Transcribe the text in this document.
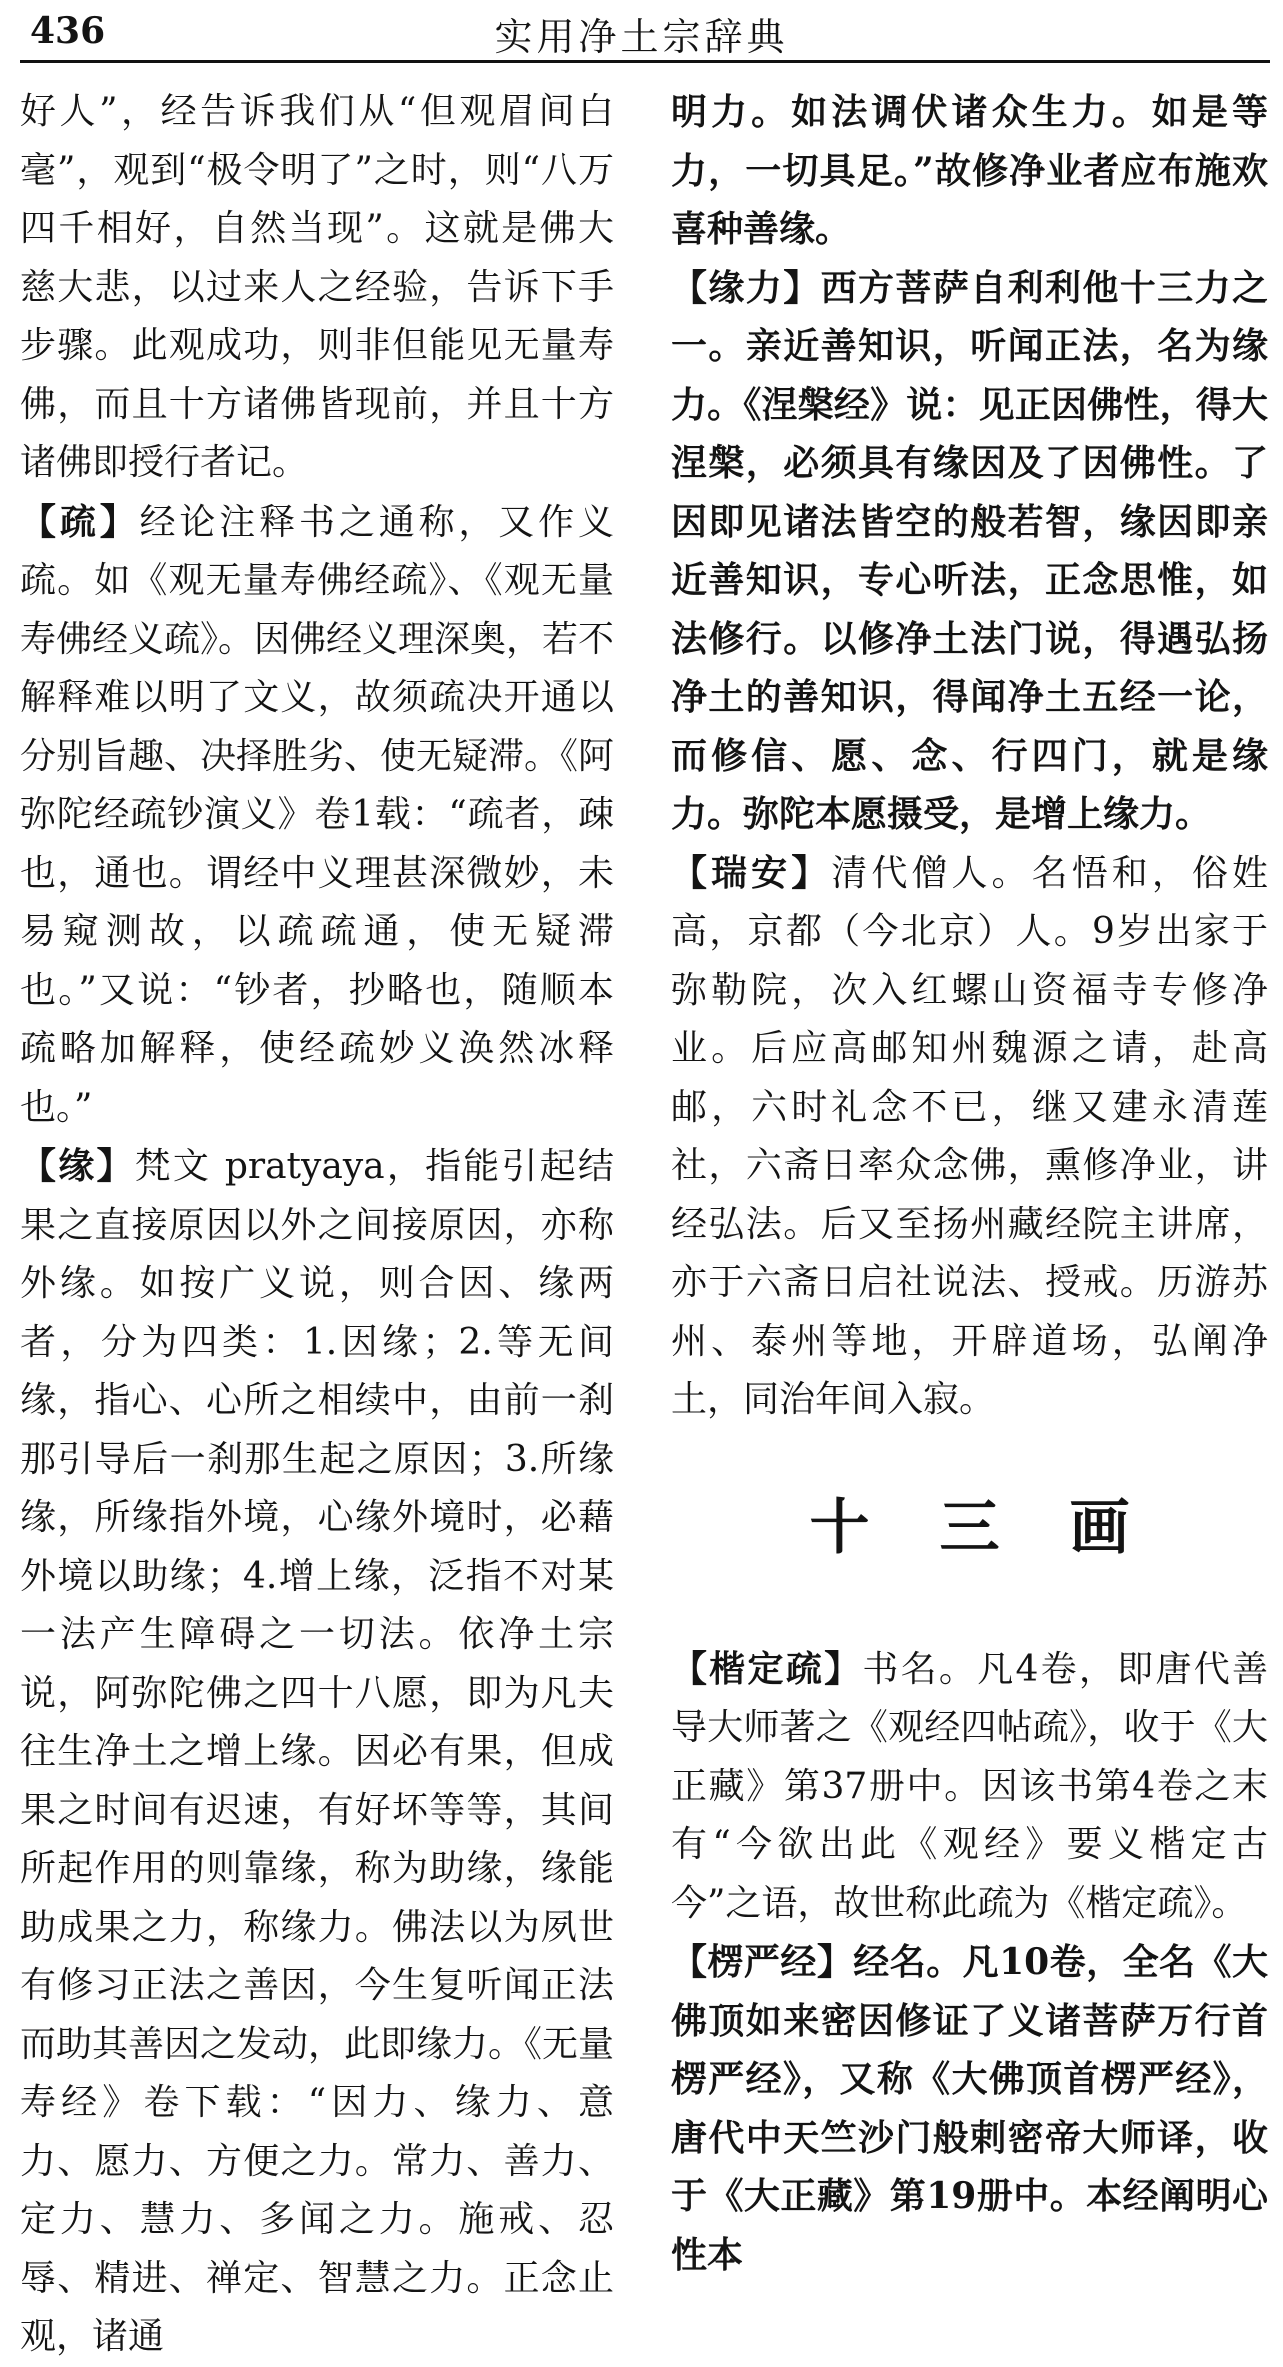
436	实用净土宗辞典

好人”，经告诉我们从“但观眉间白毫”，观到“极令明了”之时，则“八万四千相好，自然当现”。这就是佛大慈大悲，以过来人之经验，告诉下手步骤。此观成功，则非但能见无量寿佛，而且十方诸佛皆现前，并且十方诸佛即授行者记。

【疏】经论注释书之通称，又作义疏。如《观无量寿佛经疏》、《观无量寿佛经义疏》。因佛经义理深奥，若不解释难以明了文义，故须疏决开通以分别旨趣、决择胜劣、使无疑滞。《阿弥陀经疏钞演义》卷1载：“疏者，疎也，通也。谓经中义理甚深微妙，未易窥测故，以疏疏通，使无疑滞也。”又说：“钞者，抄略也，随顺本疏略加解释，使经疏妙义涣然冰释也。”

【缘】梵文 pratyaya，指能引起结果之直接原因以外之间接原因，亦称外缘。如按广义说，则合因、缘两者，分为四类：1.因缘；2.等无间缘，指心、心所之相续中，由前一刹那引导后一刹那生起之原因；3.所缘缘，所缘指外境，心缘外境时，必藉外境以助缘；4.增上缘，泛指不对某一法产生障碍之一切法。依净土宗说，阿弥陀佛之四十八愿，即为凡夫往生净土之增上缘。因必有果，但成果之时间有迟速，有好坏等等，其间所起作用的则靠缘，称为助缘，缘能助成果之力，称缘力。佛法以为夙世有修习正法之善因，今生复听闻正法而助其善因之发动，此即缘力。《无量寿经》卷下载：“因力、缘力、意力、愿力、方便之力。常力、善力、定力、慧力、多闻之力。施戒、忍辱、精进、禅定、智慧之力。正念止观，诸通

明力。如法调伏诸众生力。如是等力，一切具足。”故修净业者应布施欢喜种善缘。

【缘力】西方菩萨自利利他十三力之一。亲近善知识，听闻正法，名为缘力。《涅槃经》说：见正因佛性，得大涅槃，必须具有缘因及了因佛性。了因即见诸法皆空的般若智，缘因即亲近善知识，专心听法，正念思惟，如法修行。以修净土法门说，得遇弘扬净土的善知识，得闻净土五经一论，而修信、愿、念、行四门，就是缘力。弥陀本愿摄受，是增上缘力。

【瑞安】清代僧人。名悟和，俗姓高，京都（今北京）人。9岁出家于弥勒院，次入红螺山资福寺专修净业。后应高邮知州魏源之请，赴高邮，六时礼念不已，继又建永清莲社，六斋日率众念佛，熏修净业，讲经弘法。后又至扬州藏经院主讲席，亦于六斋日启社说法、授戒。历游苏州、泰州等地，开辟道场，弘阐净土，同治年间入寂。

十三画

【楷定疏】书名。凡4卷，即唐代善导大师著之《观经四帖疏》，收于《大正藏》第37册中。因该书第4卷之末有“今欲出此《观经》要义楷定古今”之语，故世称此疏为《楷定疏》。

【楞严经】经名。凡10卷，全名《大佛顶如来密因修证了义诸菩萨万行首楞严经》，又称《大佛顶首楞严经》，唐代中天竺沙门般剌密帝大师译，收于《大正藏》第19册中。本经阐明心性本
